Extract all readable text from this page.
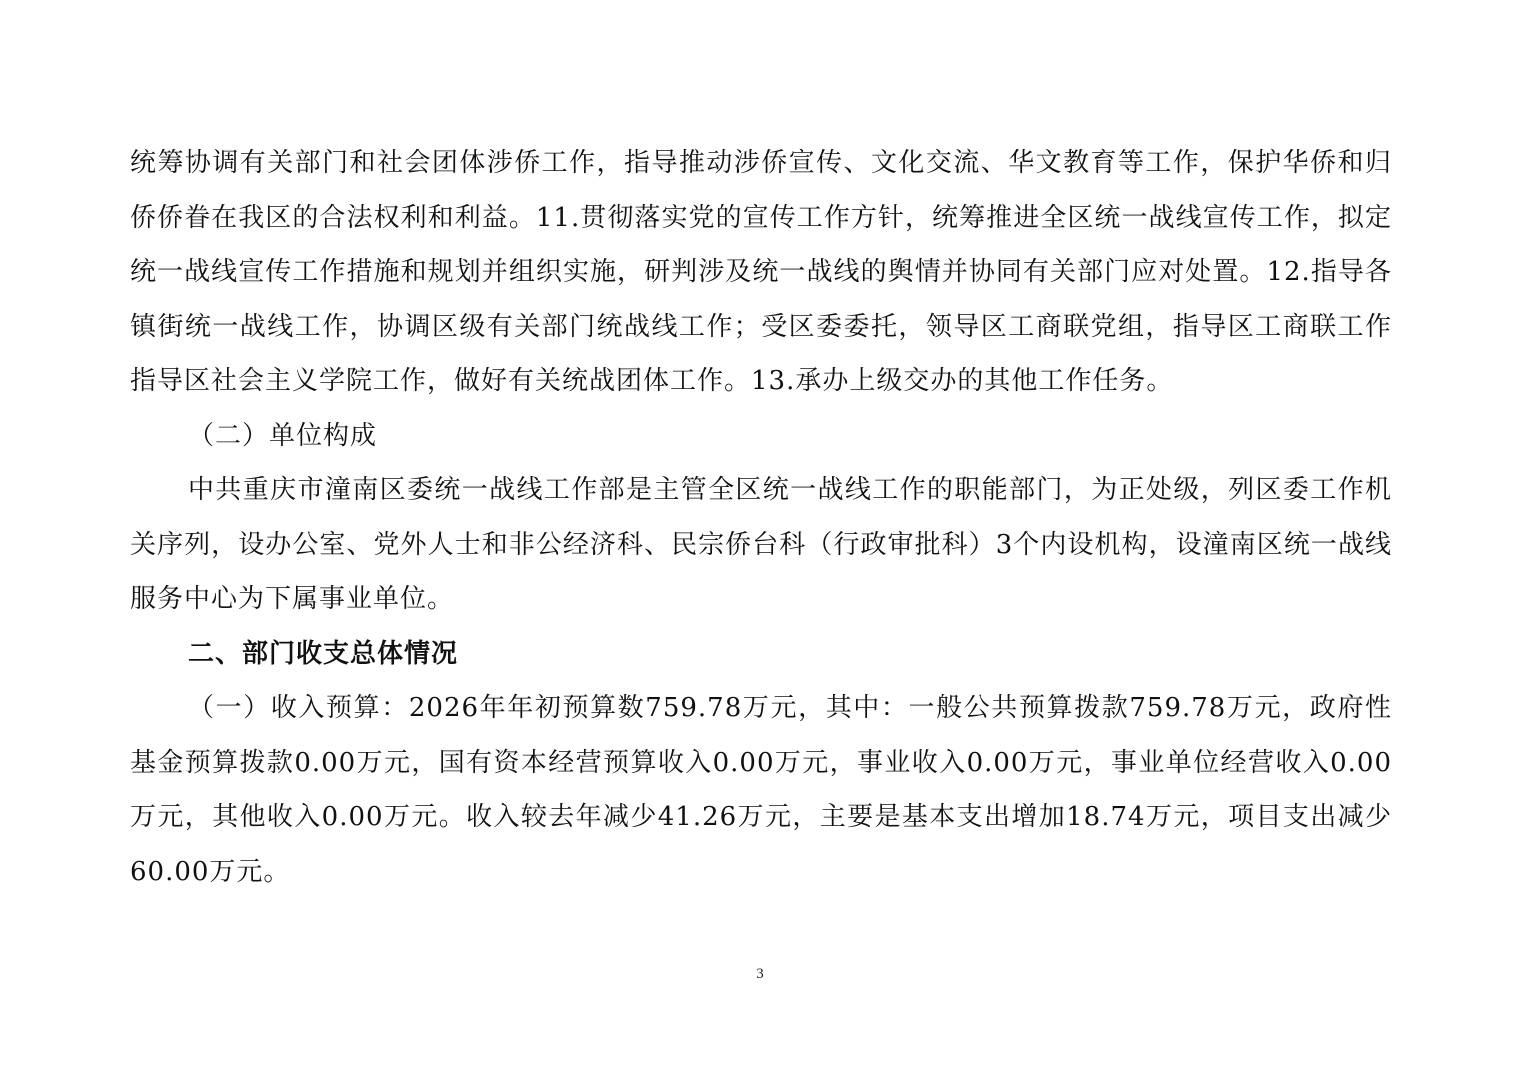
统筹协调有关部门和社会团体涉侨工作，指导推动涉侨宣传、文化交流、华文教育等工作，保护华侨和归侨侨眷在我区的合法权利和利益。11.贯彻落实党的宣传工作方针，统筹推进全区统一战线宣传工作，拟定统一战线宣传工作措施和规划并组织实施，研判涉及统一战线的舆情并协同有关部门应对处置。12.指导各镇街统一战线工作，协调区级有关部门统战线工作；受区委委托，领导区工商联党组，指导区工商联工作指导区社会主义学院工作，做好有关统战团体工作。13.承办上级交办的其他工作任务。

（二）单位构成

中共重庆市潼南区委统一战线工作部是主管全区统一战线工作的职能部门，为正处级，列区委工作机关序列，设办公室、党外人士和非公经济科、民宗侨台科（行政审批科）3个内设机构，设潼南区统一战线服务中心为下属事业单位。

二、部门收支总体情况

（一）收入预算：2026年年初预算数759.78万元，其中：一般公共预算拨款759.78万元，政府性基金预算拨款0.00万元，国有资本经营预算收入0.00万元，事业收入0.00万元，事业单位经营收入0.00万元，其他收入0.00万元。收入较去年减少41.26万元，主要是基本支出增加18.74万元，项目支出减少60.00万元。

3
